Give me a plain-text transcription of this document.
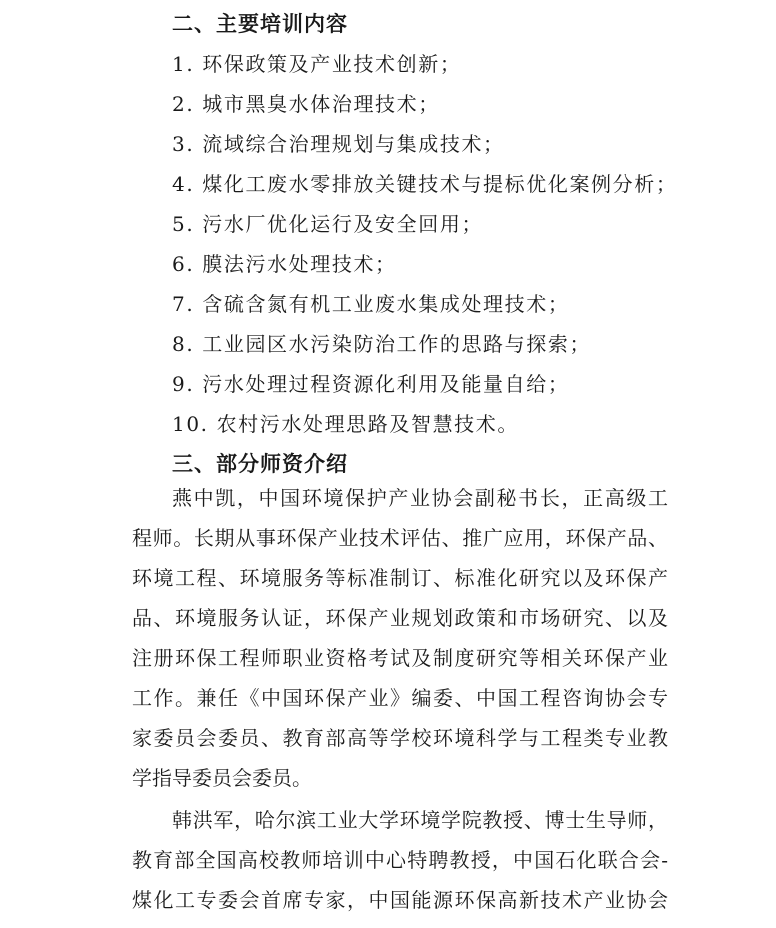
二、主要培训内容
1. 环保政策及产业技术创新；
2. 城市黑臭水体治理技术；
3. 流域综合治理规划与集成技术；
4. 煤化工废水零排放关键技术与提标优化案例分析；
5. 污水厂优化运行及安全回用；
6. 膜法污水处理技术；
7. 含硫含氮有机工业废水集成处理技术；
8. 工业园区水污染防治工作的思路与探索；
9. 污水处理过程资源化利用及能量自给；
10. 农村污水处理思路及智慧技术。
三、部分师资介绍
燕中凯，中国环境保护产业协会副秘书长，正高级工
程师。长期从事环保产业技术评估、推广应用，环保产品、
环境工程、环境服务等标准制订、标准化研究以及环保产
品、环境服务认证，环保产业规划政策和市场研究、以及
注册环保工程师职业资格考试及制度研究等相关环保产业
工作。兼任《中国环保产业》编委、中国工程咨询协会专
家委员会委员、教育部高等学校环境科学与工程类专业教
学指导委员会委员。
韩洪军，哈尔滨工业大学环境学院教授、博士生导师，
教育部全国高校教师培训中心特聘教授，中国石化联合会-
煤化工专委会首席专家，中国能源环保高新技术产业协会
